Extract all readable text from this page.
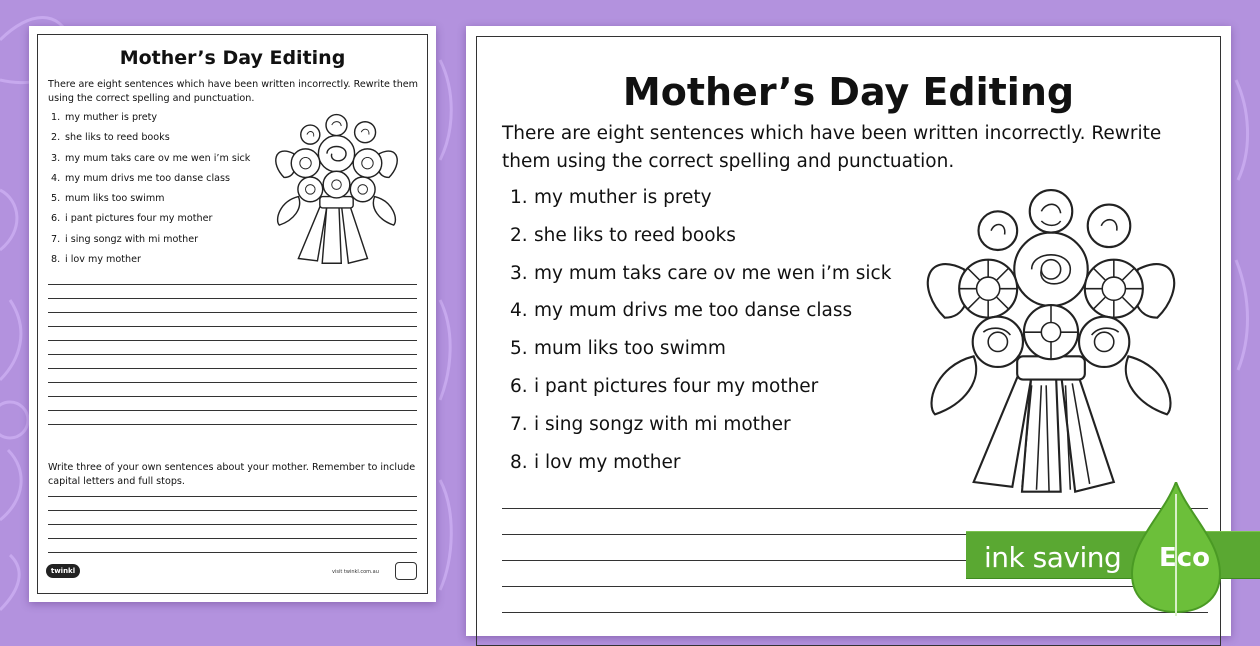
Mother’s Day Editing

There are eight sentences which have been written incorrectly. Rewrite them using the correct spelling and punctuation.

1. my muther is prety
2. she liks to reed books
3. my mum taks care ov me wen i’m sick
4. my mum drivs me too danse class
5. mum liks too swimm
6. i pant pictures four my mother
7. i sing songz with mi mother
8. i lov my mother

Write three of your own sentences about your mother. Remember to include capital letters and full stops.

twinkl	visit twinkl.com.au
Mother’s Day Editing

There are eight sentences which have been written incorrectly. Rewrite them using the correct spelling and punctuation.

1. my muther is prety
2. she liks to reed books
3. my mum taks care ov me wen i’m sick
4. my mum drivs me too danse class
5. mum liks too swimm
6. i pant pictures four my mother
7. i sing songz with mi mother
8. i lov my mother
ink saving Eco
